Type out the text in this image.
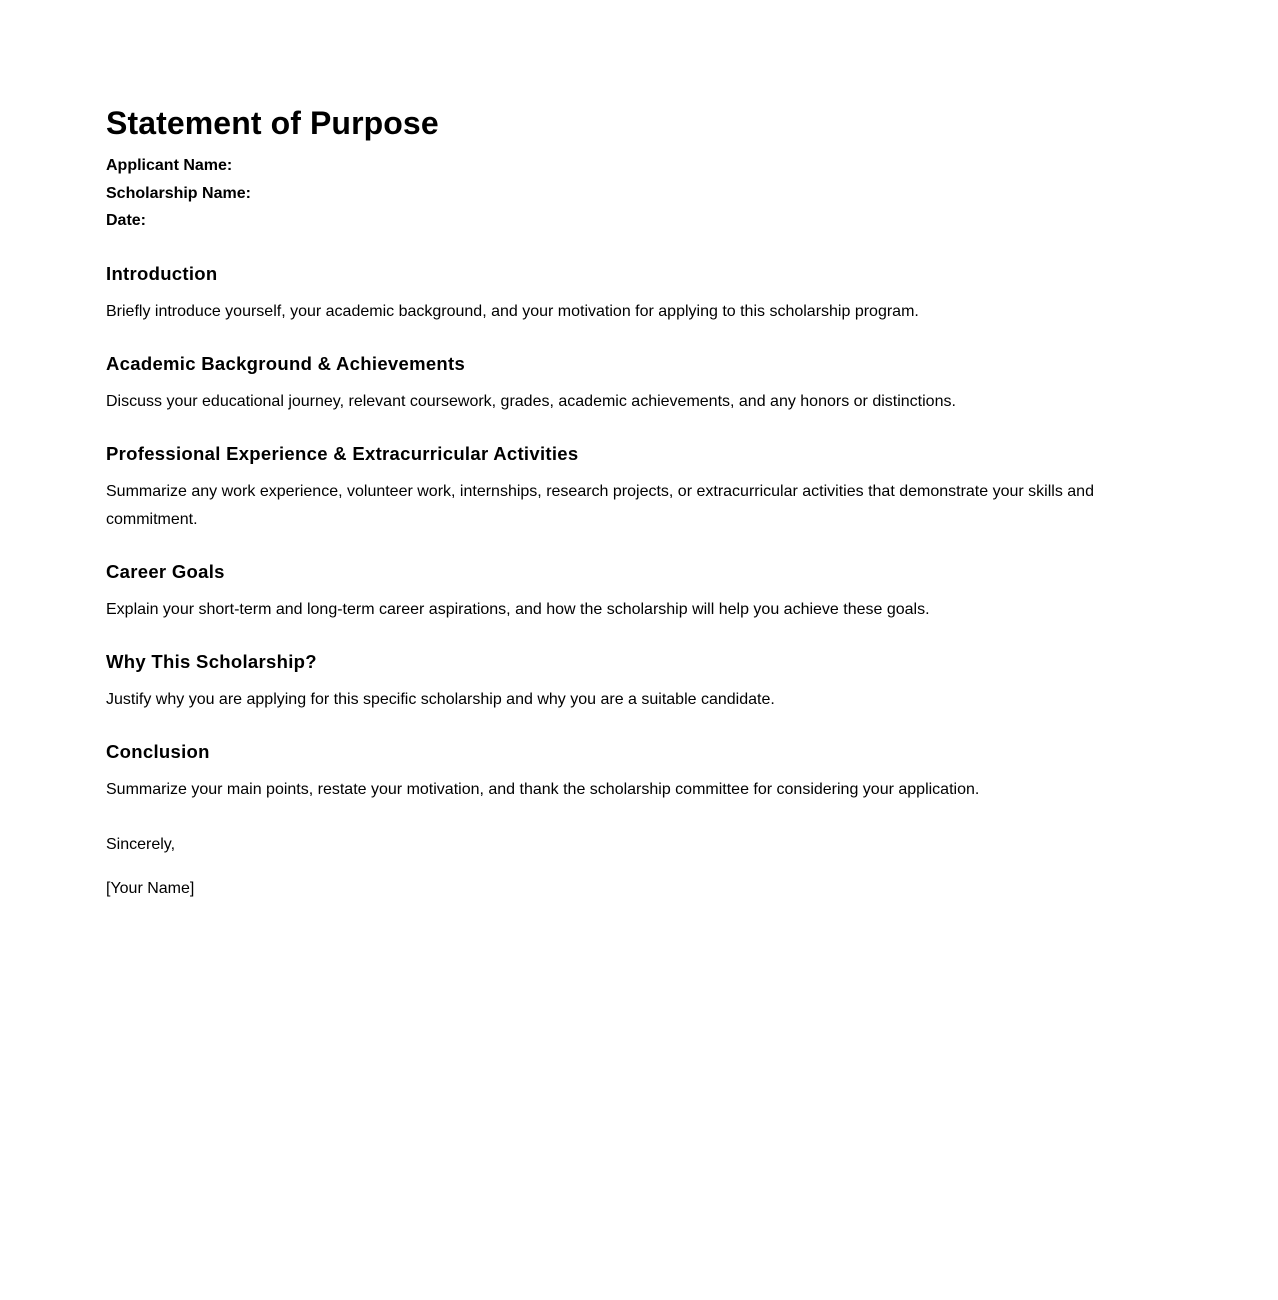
Statement of Purpose
Applicant Name:
Scholarship Name:
Date:
Introduction

Briefly introduce yourself, your academic background, and your motivation for applying to this scholarship program.

Academic Background & Achievements

Discuss your educational journey, relevant coursework, grades, academic achievements, and any honors or distinctions.

Professional Experience & Extracurricular Activities

Summarize any work experience, volunteer work, internships, research projects, or extracurricular activities that demonstrate your skills and commitment.

Career Goals

Explain your short-term and long-term career aspirations, and how the scholarship will help you achieve these goals.

Why This Scholarship?

Justify why you are applying for this specific scholarship and why you are a suitable candidate.

Conclusion

Summarize your main points, restate your motivation, and thank the scholarship committee for considering your application.

Sincerely,

[Your Name]
